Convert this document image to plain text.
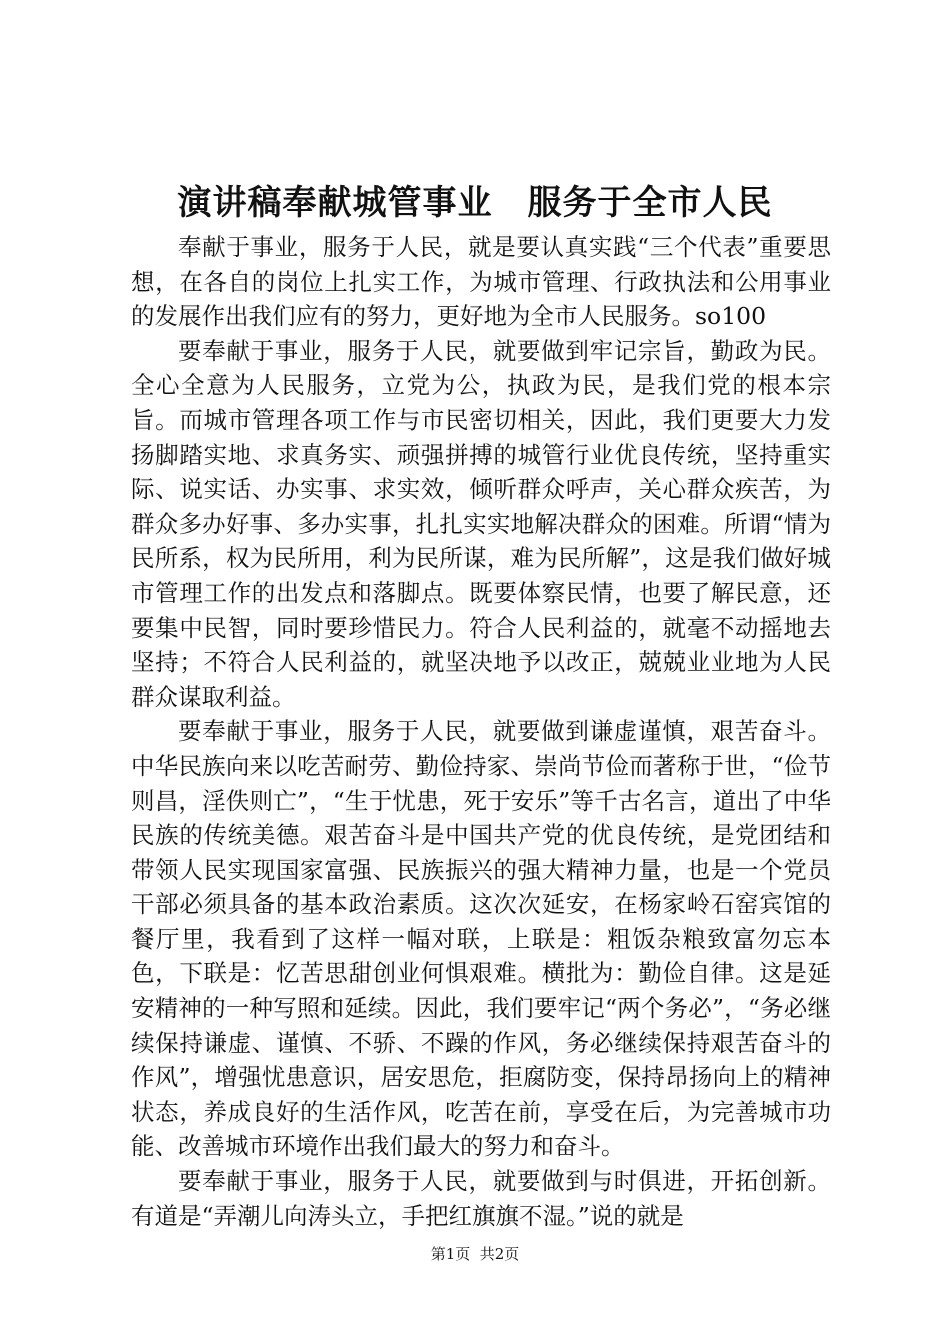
演讲稿奉献城管事业　服务于全市人民

奉献于事业，服务于人民，就是要认真实践“三个代表”重要思想，在各自的岗位上扎实工作，为城市管理、行政执法和公用事业的发展作出我们应有的努力，更好地为全市人民服务。so100

要奉献于事业，服务于人民，就要做到牢记宗旨，勤政为民。全心全意为人民服务，立党为公，执政为民，是我们党的根本宗旨。而城市管理各项工作与市民密切相关，因此，我们更要大力发扬脚踏实地、求真务实、顽强拼搏的城管行业优良传统，坚持重实际、说实话、办实事、求实效，倾听群众呼声，关心群众疾苦，为群众多办好事、多办实事，扎扎实实地解决群众的困难。所谓“情为民所系，权为民所用，利为民所谋，难为民所解”，这是我们做好城市管理工作的出发点和落脚点。既要体察民情，也要了解民意，还要集中民智，同时要珍惜民力。符合人民利益的，就毫不动摇地去坚持；不符合人民利益的，就坚决地予以改正，兢兢业业地为人民群众谋取利益。

要奉献于事业，服务于人民，就要做到谦虚谨慎，艰苦奋斗。中华民族向来以吃苦耐劳、勤俭持家、崇尚节俭而著称于世，“俭节则昌，淫佚则亡”，“生于忧患，死于安乐”等千古名言，道出了中华民族的传统美德。艰苦奋斗是中国共产党的优良传统，是党团结和带领人民实现国家富强、民族振兴的强大精神力量，也是一个党员干部必须具备的基本政治素质。这次次延安，在杨家岭石窑宾馆的餐厅里，我看到了这样一幅对联，上联是：粗饭杂粮致富勿忘本色，下联是：忆苦思甜创业何惧艰难。横批为：勤俭自律。这是延安精神的一种写照和延续。因此，我们要牢记“两个务必”，“务必继续保持谦虚、谨慎、不骄、不躁的作风，务必继续保持艰苦奋斗的作风”，增强忧患意识，居安思危，拒腐防变，保持昂扬向上的精神状态，养成良好的生活作风，吃苦在前，享受在后，为完善城市功能、改善城市环境作出我们最大的努力和奋斗。

要奉献于事业，服务于人民，就要做到与时俱进，开拓创新。有道是“弄潮儿向涛头立，手把红旗旗不湿。”说的就是

第1页  共2页
